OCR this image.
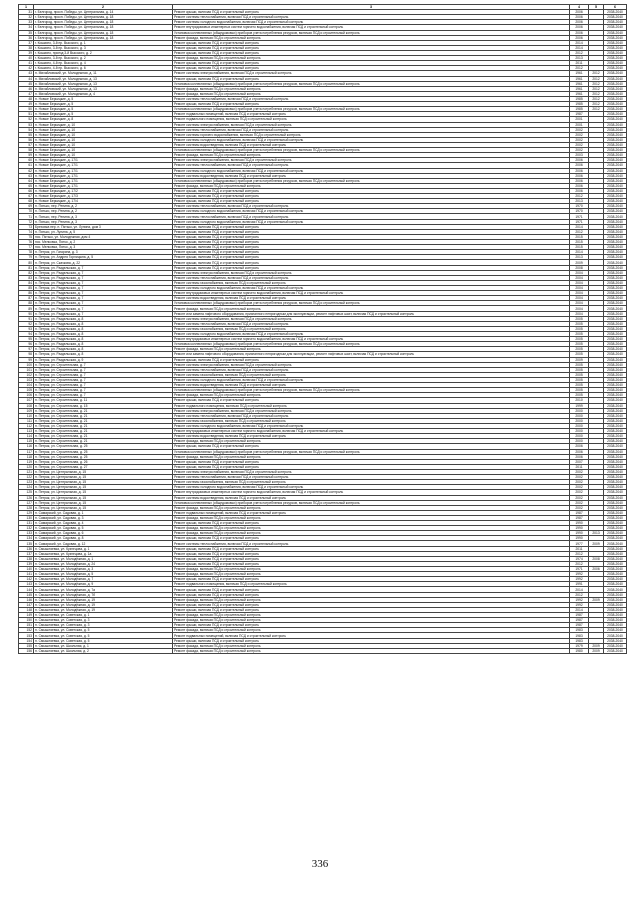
1	2	3	4	5	6
31	г. Белгород, просп. Победы, ул. Центральная, д. 14	Ремонт крыши, включая ПСД и строительный контроль	2006		2038-2040
32	г. Белгород, просп. Победы, ул. Центральная, д. 18	Ремонт системы теплоснабжения, включая ПСД и строительный контроль	2006		2038-2040
33	г. Белгород, просп. Победы, ул. Центральная, д. 18	Ремонт системы холодного водоснабжения, включая ПСД и строительный контроль	2006		2038-2040
34	г. Белгород, просп. Победы, ул. Центральная, д. 18	Ремонт внутридомовых инженерных систем горячего водоснабжения, включая ПСД и строительный контроль	2006		2038-2040
35	г. Белгород, просп. Победы, ул. Центральная, д. 18	Установка коллективных (общедомовых) приборов учета потребления ресурсов, включая ПСД и строительный контроль	2006		2038-2040
36	г. Белгород, просп. Победы, ул. Центральная, д. 18	Ремонт фасада, включая ПСД и строительный контроль	2006		2038-2040
37	г. Кошкино, 3-й пр. Высокого, д. 1	Ремонт крыши, включая ПСД и строительный контроль	2014		2038-2040
38	г. Кошкино, 3-й пр. Высокого, д. 3	Ремонт крыши, включая ПСД и строительный контроль	2014		2038-2040
39	г. Кошкино, проезд 3-й Высокого, д. 2	Ремонт крыши, включая ПСД и строительный контроль	2012		2038-2040
40	г. Кошкино, 3-й пр. Высокого, д. 2	Ремонт фасада, включая ПСД и строительный контроль	2013		2038-2040
41	г. Кошкино, 4-й пр. Высокого, д. 4	Ремонт крыши, включая ПСД и строительный контроль	2011		2038-2040
42	г. Кошкино, 4-й пр. Высокого, д. 6	Ремонт крыши, включая ПСД и строительный контроль	2012		2038-2040
43	п. Михайловский, ул. Молодежная, д. 11	Ремонт системы электроснабжения, включая ПСД и строительный контроль	1961	2012	2038-2040
44	п. Михайловский, ул. Молодежная, д. 13	Ремонт крыши, включая ПСД и строительный контроль	1961	2012	2038-2040
45	п. Михайловский, ул. Молодежная, д. 13	Установка коллективных (общедомовых) приборов учета потребления ресурсов, включая ПСД и строительный контроль	1961	2012	2038-2040
46	п. Михайловский, ул. Молодежная, д. 13	Ремонт фасада, включая ПСД и строительный контроль	1961	2012	2038-2040
47	п. Михайловский, ул. Молодежная, д. 4	Ремонт фасада, включая ПСД и строительный контроль	1961	2012	2038-2040
48	п. Новые Беркицкие, д. 5	Ремонт системы теплоснабжения, включая ПСД и строительный контроль	1985	2012	2038-2040
49	п. Новые Беркицкие, д. 5	Ремонт крыши, включая ПСД и строительный контроль	1985	2012	2038-2040
50	п. Новые Беркицкие, д. 5	Установка коллективных (общедомовых) приборов учета потребления ресурсов, включая ПСД и строительный контроль	1985	2012	2038-2040
51	п. Новые Беркицкие, д. 5	Ремонт подвальных помещений, включая ПСД и строительный контроль	1987		2038-2040
52	п. Новые Беркицкие, д. 8	Ремонт подвального помещения, включая ПСД и строительный контроль	2001		2038-2040
53	п. Новые Беркицкие, д. 10	Ремонт системы электроснабжения, включая ПСД и строительный контроль	2001		2038-2040
54	п. Новые Беркицкие, д. 10	Ремонт системы теплоснабжения, включая ПСД и строительный контроль	2002		2038-2040
55	п. Новые Беркицкие, д. 10	Ремонт системы горячего водоснабжения, включая ПСД и строительный контроль	2002		2038-2040
56	п. Новые Беркицкие, д. 10	Ремонт системы холодного водоснабжения, включая ПСД и строительный контроль	2002		2038-2040
57	п. Новые Беркицкие, д. 10	Ремонт системы водоотведения, включая ПСД и строительный контроль	2002		2038-2040
58	п. Новые Беркицкие, д. 10	Установка коллективных (общедомовых) приборов учета потребления ресурсов, включая ПСД и строительный контроль	2002		2038-2040
59	п. Новые Беркицкие, д. 10	Ремонт фасада, включая ПСД и строительный контроль	2003		2038-2040
60	п. Новые Беркицкие, д. 17/1	Ремонт системы электроснабжения, включая ПСД и строительный контроль	2006		2038-2040
61	п. Новые Беркицкие, д. 17/1	Ремонт системы теплоснабжения, включая ПСД и строительный контроль	2006		2038-2040
62	п. Новые Беркицкие, д. 17/1	Ремонт системы холодного водоснабжения, включая ПСД и строительный контроль	2006		2038-2040
63	п. Новые Беркицкие, д. 17/1	Ремонт системы водоотведения, включая ПСД и строительный контроль	2006		2038-2040
64	п. Новые Беркицкие, д. 17/1	Установка коллективных (общедомовых) приборов учета потребления ресурсов, включая ПСД и строительный контроль	2006		2038-2040
65	п. Новые Беркицкие, д. 17/1	Ремонт фасада, включая ПСД и строительный контроль	2006		2038-2040
66	п. Новые Беркицкие, д. 17/2	Ремонт крыши, включая ПСД и строительный контроль	2006		2038-2040
67	п. Новые Беркицкие, д. 17/3	Ремонт крыши, включая ПСД и строительный контроль	2012		2038-2040
68	п. Новые Беркицкие, д. 17/4	Ремонт крыши, включая ПСД и строительный контроль	2013		2038-2040
69	п. Пятько, пер. Репина, д. 2	Ремонт системы теплоснабжения, включая ПСД и строительный контроль	1970		2038-2040
70	п. Пятько, пер. Репина, д. 2	Ремонт системы холодного водоснабжения, включая ПСД и строительный контроль	1970		2038-2040
71	п. Пятько, пер. Репина, д. 3	Ремонт системы теплоснабжения, включая ПСД и строительный контроль	1971		2038-2040
72	п. Пятько, пер. Репина, д. 3	Ремонт системы холодного водоснабжения, включая ПСД и строительный контроль	1971		2038-2040
73	Бреховка пер. п. Пятько, ул. Лунина, дом 3	Ремонт крыши, включая ПСД и строительный контроль	2014		2038-2040
74	п. Пятько, ул. Лунина, д. 5	Ремонт крыши, включая ПСД и строительный контроль	2012		2038-2040
75	пос. Пятько, ул. Молодежная, дом 4	Ремонт крыши, включая ПСД и строительный контроль	2015		2038-2040
76	пос. Мелковка, Пятко, д. 2	Ремонт крыши, включая ПСД и строительный контроль	2015		2038-2040
77	пос. Мелковка, Пятко, д. 3	Ремонт крыши, включая ПСД и строительный контроль	2015		2038-2040
78	п. Петрак, ул. Гагарина, д. 3	Ремонт крыши, включая ПСД и строительный контроль	2014		2038-2040
79	п. Петрак, ул. Андрея Горлицына, д. 5	Ремонт крыши, включая ПСД и строительный контроль	2013		2038-2040
80	п. Петрак, ул. Скачкова, д. 22	Ремонт крыши, включая ПСД и строительный контроль	2009		2038-2040
81	п. Петрак, ул. Раздельская, д. 7	Ремонт крыши, включая ПСД и строительный контроль	2008		2038-2040
82	п. Петрак, ул. Раздельская, д. 7	Ремонт системы электроснабжения, включая ПСД и строительный контроль	2004		2038-2040
83	п. Петрак, ул. Раздельская, д. 7	Ремонт системы теплоснабжения, включая ПСД и строительный контроль	2004		2038-2040
84	п. Петрак, ул. Раздельская, д. 7	Ремонт системы газоснабжения, включая ПСД и строительный контроль	2004		2038-2040
85	п. Петрак, ул. Раздельская, д. 7	Ремонт системы холодного водоснабжения, включая ПСД и строительный контроль	2004		2038-2040
86	п. Петрак, ул. Раздельская, д. 7	Ремонт внутридомовых инженерных систем горячего водоснабжения, включая ПСД и строительный контроль	2004		2038-2040
87	п. Петрак, ул. Раздельская, д. 7	Ремонт системы водоотведения, включая ПСД и строительный контроль	2004		2038-2040
88	п. Петрак, ул. Раздельская, д. 7	Установка коллективных (общедомовых) приборов учета потребления ресурсов, включая ПСД и строительный контроль	2004		2038-2040
89	п. Петрак, ул. Раздельская, д. 7	Ремонт фасада, включая ПСД и строительный контроль	2004		2038-2040
90	п. Петрак, ул. Раздельская, д. 7	Ремонт или замена лифтового оборудования, признанного непригодным для эксплуатации, ремонт лифтовых шахт, включая ПСД и строительный контроль	2004		2038-2040
91	п. Петрак, ул. Раздельская, д. 8	Ремонт системы электроснабжения, включая ПСД и строительный контроль	2005		2038-2040
92	п. Петрак, ул. Раздельская, д. 8	Ремонт системы теплоснабжения, включая ПСД и строительный контроль	2005		2038-2040
93	п. Петрак, ул. Раздельская, д. 8	Ремонт системы газоснабжения, включая ПСД и строительный контроль	2005		2038-2040
94	п. Петрак, ул. Раздельская, д. 8	Ремонт системы холодного водоснабжения, включая ПСД и строительный контроль	2005		2038-2040
95	п. Петрак, ул. Раздельская, д. 8	Ремонт внутридомовых инженерных систем горячего водоснабжения, включая ПСД и строительный контроль	2005		2038-2040
96	п. Петрак, ул. Раздельская, д. 8	Установка коллективных (общедомовых) приборов учета потребления ресурсов, включая ПСД и строительный контроль	2005		2038-2040
97	п. Петрак, ул. Раздельская, д. 8	Ремонт фасада, включая ПСД и строительный контроль	2005		2038-2040
98	п. Петрак, ул. Раздельская, д. 8	Ремонт или замена лифтового оборудования, признанного непригодным для эксплуатации, ремонт лифтовых шахт, включая ПСД и строительный контроль	2005		2038-2040
99	п. Петрак, ул. Раздельская, д. 9	Ремонт крыши, включая ПСД и строительный контроль	2009		2038-2040
100	п. Петрак, ул. Строительная, д. 7	Ремонт системы электроснабжения, включая ПСД и строительный контроль	2005		2038-2040
101	п. Петрак, ул. Строительная, д. 7	Ремонт системы теплоснабжения, включая ПСД и строительный контроль	2005		2038-2040
102	п. Петрак, ул. Строительная, д. 7	Ремонт системы газоснабжения, включая ПСД и строительный контроль	2005		2038-2040
103	п. Петрак, ул. Строительная, д. 7	Ремонт системы холодного водоснабжения, включая ПСД и строительный контроль	2005		2038-2040
104	п. Петрак, ул. Строительная, д. 7	Ремонт системы водоотведения, включая ПСД и строительный контроль	2005		2038-2040
105	п. Петрак, ул. Строительная, д. 7	Установка коллективных (общедомовых) приборов учета потребления ресурсов, включая ПСД и строительный контроль	2005		2038-2040
106	п. Петрак, ул. Строительная, д. 7	Ремонт фасада, включая ПСД и строительный контроль	2005		2038-2040
107	п. Петрак, ул. Строительная, д. 11	Ремонт крыши, включая ПСД и строительный контроль	2010		2038-2040
108	п. Петрак, ул. Строительная, д. 15	Ремонт подвального помещения, включая ПСД и строительный контроль	1999		2038-2040
109	п. Петрак, ул. Строительная, д. 21	Ремонт системы электроснабжения, включая ПСД и строительный контроль	2000		2038-2040
110	п. Петрак, ул. Строительная, д. 21	Ремонт системы теплоснабжения, включая ПСД и строительный контроль	2000		2038-2040
111	п. Петрак, ул. Строительная, д. 21	Ремонт системы газоснабжения, включая ПСД и строительный контроль	2000		2038-2040
112	п. Петрак, ул. Строительная, д. 21	Ремонт системы холодного водоснабжения, включая ПСД и строительный контроль	2000		2038-2040
113	п. Петрак, ул. Строительная, д. 21	Ремонт внутридомовых инженерных систем горячего водоснабжения, включая ПСД и строительный контроль	2000		2038-2040
114	п. Петрак, ул. Строительная, д. 21	Ремонт системы водоотведения, включая ПСД и строительный контроль	2000		2038-2040
115	п. Петрак, ул. Строительная, д. 21	Ремонт фасада, включая ПСД и строительный контроль	2000		2038-2040
116	п. Петрак, ул. Строительная, д. 25	Ремонт крыши, включая ПСД и строительный контроль	2006		2038-2040
117	п. Петрак, ул. Строительная, д. 25	Установка коллективных (общедомовых) приборов учета потребления ресурсов, включая ПСД и строительный контроль	2006		2038-2040
118	п. Петрак, ул. Строительная, д. 25	Ремонт фасада, включая ПСД и строительный контроль	2006		2038-2040
119	п. Петрак, ул. Строительная, д. 26	Ремонт крыши, включая ПСД и строительный контроль	2007		2038-2040
120	п. Петрак, ул. Строительная, д. 27	Ремонт крыши, включая ПСД и строительный контроль	2011		2038-2040
121	п. Петрак, ул. Центральная, д. 15	Ремонт системы электроснабжения, включая ПСД и строительный контроль	2002		2038-2040
122	п. Петрак, ул. Центральная, д. 15	Ремонт системы теплоснабжения, включая ПСД и строительный контроль	2002		2038-2040
123	п. Петрак, ул. Центральная, д. 15	Ремонт системы газоснабжения, включая ПСД и строительный контроль	2002		2038-2040
124	п. Петрак, ул. Центральная, д. 15	Ремонт системы холодного водоснабжения, включая ПСД и строительный контроль	2002		2038-2040
125	п. Петрак, ул. Центральная, д. 15	Ремонт внутридомовых инженерных систем горячего водоснабжения, включая ПСД и строительный контроль	2002		2038-2040
126	п. Петрак, ул. Центральная, д. 15	Ремонт системы водоотведения, включая ПСД и строительный контроль	2002		2038-2040
127	п. Петрак, ул. Центральная, д. 15	Установка коллективных (общедомовых) приборов учета потребления ресурсов, включая ПСД и строительный контроль	2002		2038-2040
128	п. Петрак, ул. Центральная, д. 15	Ремонт фасада, включая ПСД и строительный контроль	2002		2038-2040
129	п. Самарский, ул. Садовая, д. 1	Ремонт подвальных помещений, включая ПСД и строительный контроль	1987		2038-2040
130	п. Самарский, ул. Садовая, д. 3	Ремонт фасада, включая ПСД и строительный контроль	1987		2038-2040
131	п. Самарский, ул. Садовая, д. 4	Ремонт крыши, включая ПСД и строительный контроль	1990		2038-2040
132	п. Самарский, ул. Садовая, д. 5	Ремонт фасада, включая ПСД и строительный контроль	1990		2038-2040
133	п. Самарский, ул. Садовая, д. 6	Ремонт фасада, включая ПСД и строительный контроль	1990	2013	2038-2040
134	п. Самарский, ул. Садовая, д. 8	Ремонт крыши, включая ПСД и строительный контроль	1990		2038-2040
135	п. Самарский, ул. Садовая, д. 12	Ремонт системы теплоснабжения, включая ПСД и строительный контроль	1977	2009	2038-2040
136	п. Смышляевка, ул. Кузнецова, д. 1	Ремонт крыши, включая ПСД и строительный контроль	2011		2038-2040
137	п. Смышляевка, ул. Кузнецова, д. 1а	Ремонт крыши, включая ПСД и строительный контроль	2012		2038-2040
138	п. Смышляевка, ул. Молодёжная, д. 1	Ремонт крыши, включая ПСД и строительный контроль	1974	2008	2038-2040
139	п. Смышляевка, ул. Молодёжная, д. 24	Ремонт крыши, включая ПСД и строительный контроль	2012		2038-2040
140	п. Смышляевка, ул. Молодёжная, д. 3	Ремонт фасада, включая ПСД и строительный контроль	1971	2006	2038-2040
141	п. Смышляевка, ул. Молодёжная, д. 5	Ремонт фасада, включая ПСД и строительный контроль	1992		2038-2040
142	п. Смышляевка, ул. Молодёжная, д. 7	Ремонт крыши, включая ПСД и строительный контроль	1992		2038-2040
143	п. Смышляевка, ул. Молодёжная, д. 9	Ремонт подвального помещения, включая ПСД и строительный контроль	1991		2038-2040
144	п. Смышляевка, ул. Молодёжная, д. 7а	Ремонт крыши, включая ПСД и строительный контроль	2014		2038-2040
145	п. Смышляевка, ул. Молодёжная, д. 7б	Ремонт крыши, включая ПСД и строительный контроль	2012		2038-2040
146	п. Смышляевка, ул. Молодёжная, д. 19	Ремонт фасада, включая ПСД и строительный контроль	1992	2009	2038-2040
147	п. Смышляевка, ул. Молодёжная, д. 19	Ремонт крыши, включая ПСД и строительный контроль	1992		2038-2040
148	п. Смышляевка, ул. Молодёжная, д. 19	Ремонт крыши, включая ПСД и строительный контроль	2014		2038-2040
149	п. Смышляевка, ул. Советская, д. 1	Ремонт фасада, включая ПСД и строительный контроль	1987		2038-2040
150	п. Смышляевка, ул. Советская, д. 3	Ремонт фасада, включая ПСД и строительный контроль	1987		2038-2040
151	п. Смышляевка, ул. Советская, д. 3	Ремонт крыши, включая ПСД и строительный контроль	1987		2038-2040
152	п. Смышляевка, ул. Советская, д. 5	Ремонт фасада, включая ПСД и строительный контроль	1983		2038-2040
153	п. Смышляевка, ул. Советская, д. 5	Ремонт подвальных помещений, включая ПСД и строительный контроль	1983		2038-2040
154	п. Смышляевка, ул. Советская, д. 5	Ремонт крыши, включая ПСД и строительный контроль	1983		2038-2040
155	п. Смышляевка, ул. Школьная, д. 1	Ремонт фасада, включая ПСД и строительный контроль	1979	2009	2038-2040
156	п. Смышляевка, ул. Школьная, д. 2	Ремонт фасада, включая ПСД и строительный контроль	1980	2009	2038-2040
336
